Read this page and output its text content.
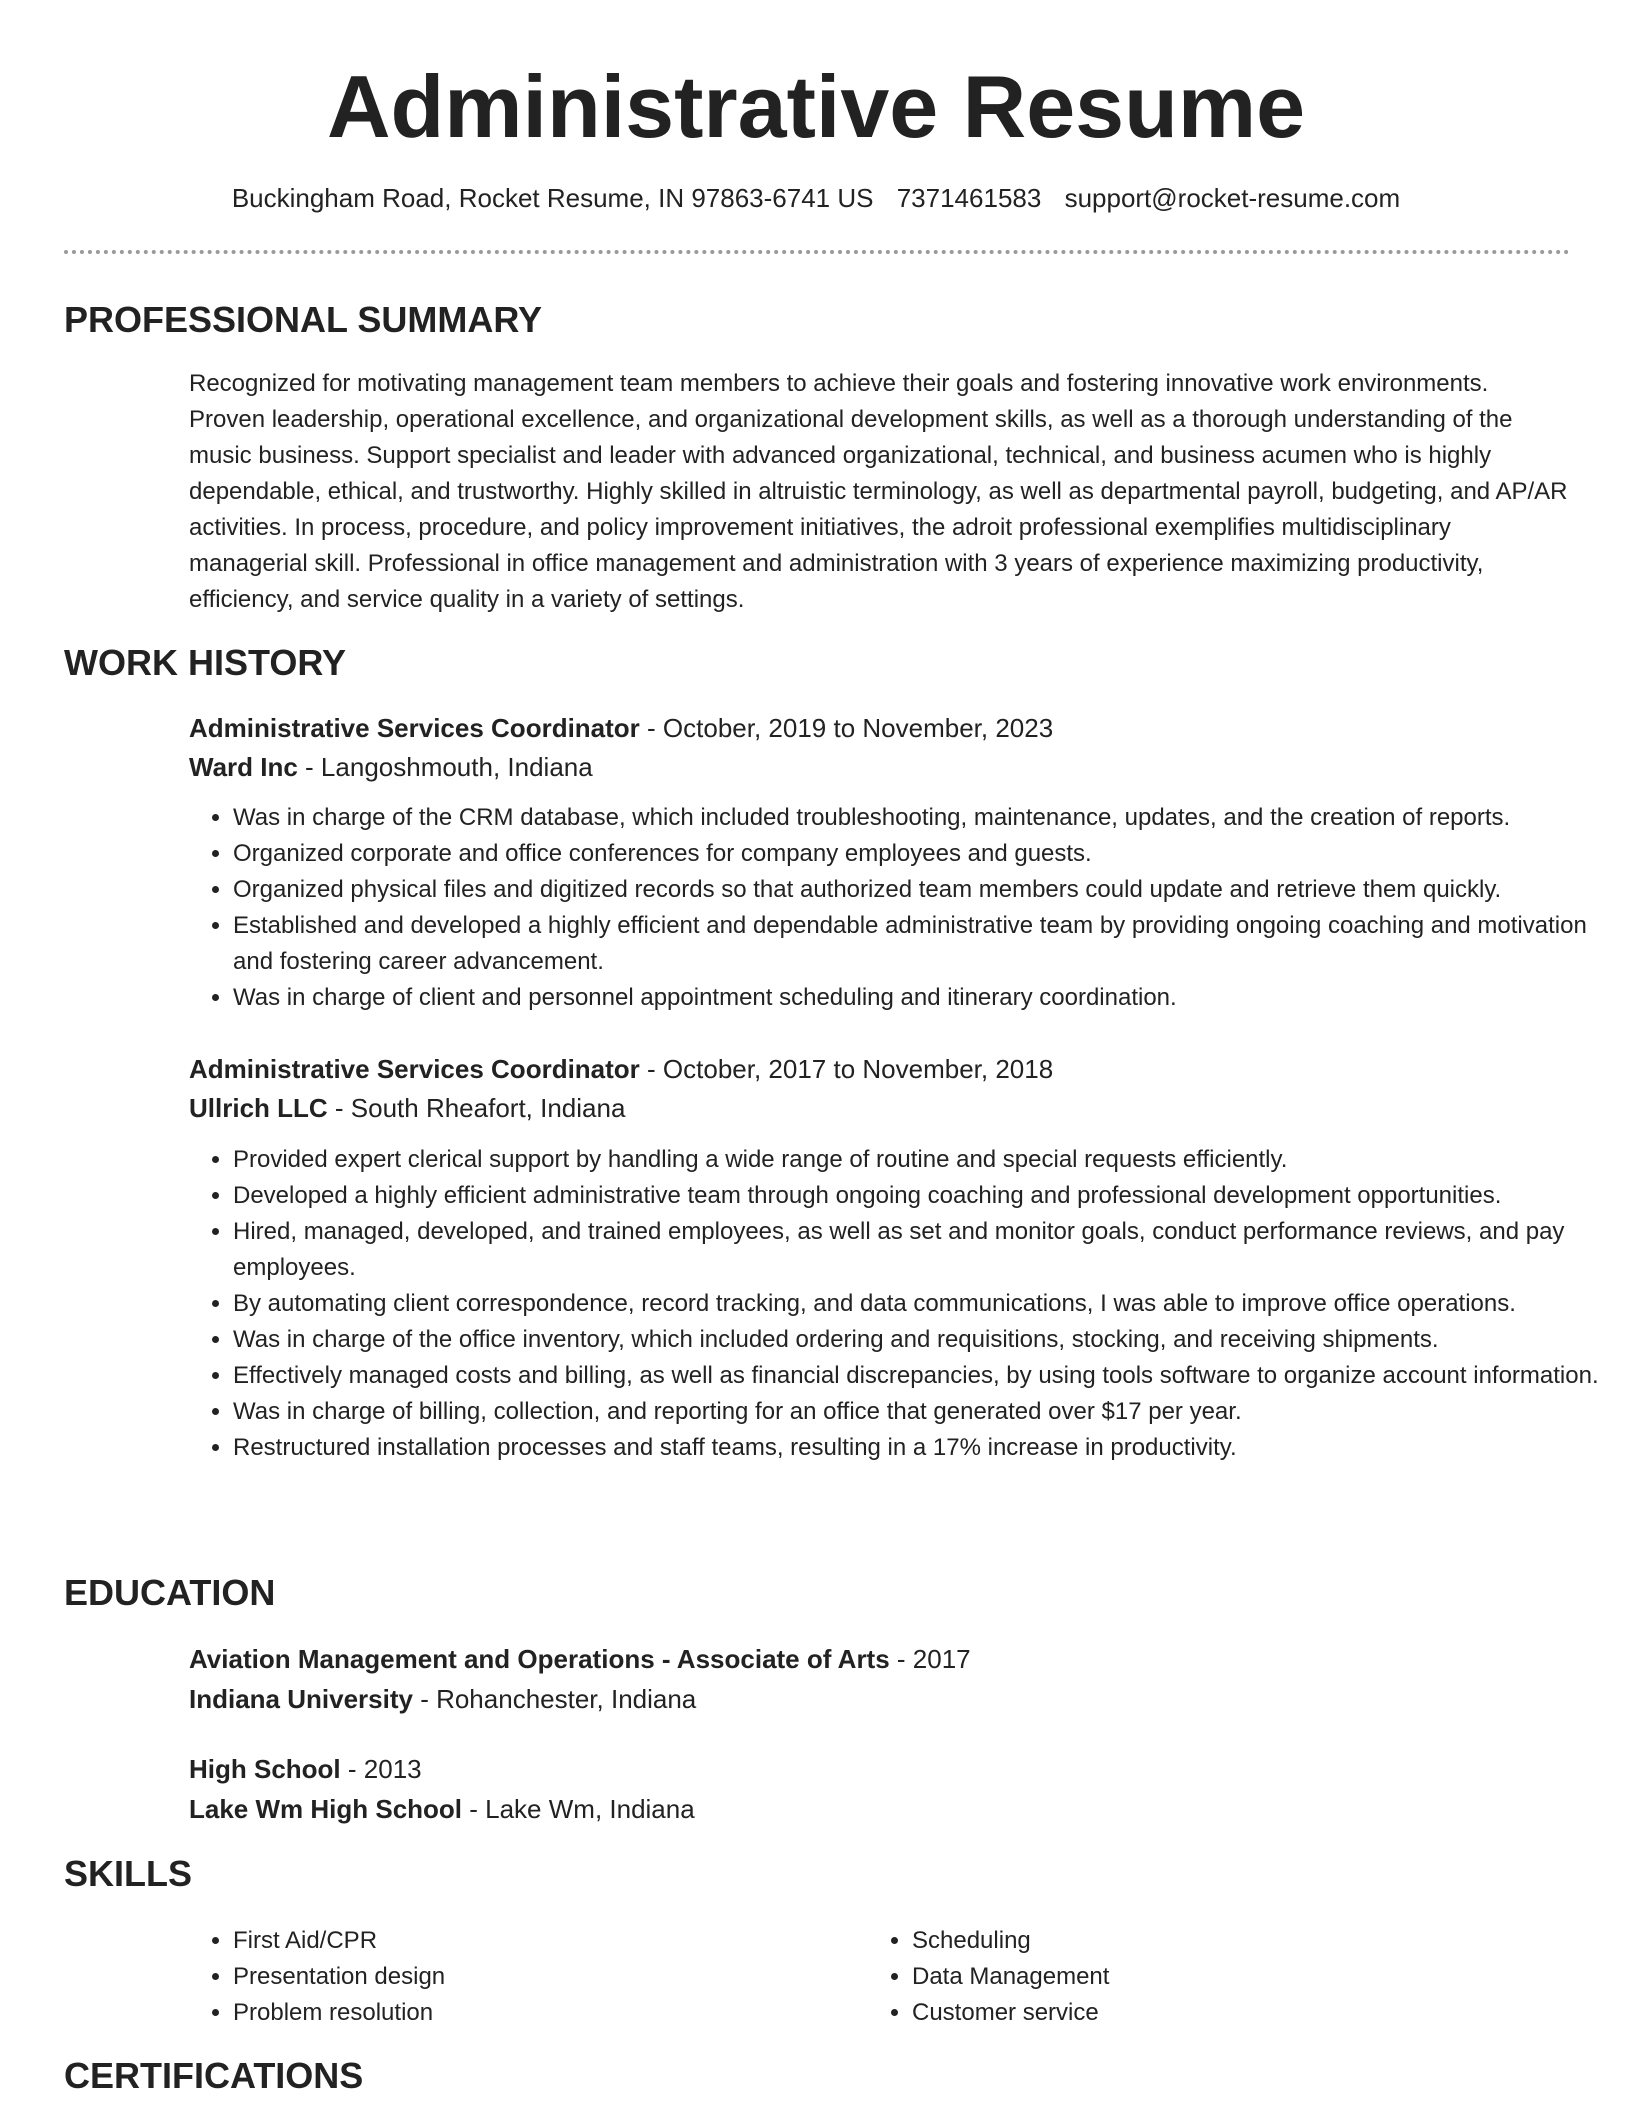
Administrative Resume
Buckingham Road, Rocket Resume, IN 97863-6741 US 7371461583 support@rocket-resume.com
PROFESSIONAL SUMMARY

Recognized for motivating management team members to achieve their goals and fostering innovative work environments. Proven leadership, operational excellence, and organizational development skills, as well as a thorough understanding of the music business. Support specialist and leader with advanced organizational, technical, and business acumen who is highly dependable, ethical, and trustworthy. Highly skilled in altruistic terminology, as well as departmental payroll, budgeting, and AP/AR activities. In process, procedure, and policy improvement initiatives, the adroit professional exemplifies multidisciplinary managerial skill. Professional in office management and administration with 3 years of experience maximizing productivity, efficiency, and service quality in a variety of settings.

WORK HISTORY
Administrative Services Coordinator - October, 2019 to November, 2023
Ward Inc - Langoshmouth, Indiana
• Was in charge of the CRM database, which included troubleshooting, maintenance, updates, and the creation of reports.
• Organized corporate and office conferences for company employees and guests.
• Organized physical files and digitized records so that authorized team members could update and retrieve them quickly.
• Established and developed a highly efficient and dependable administrative team by providing ongoing coaching and motivation and fostering career advancement.
• Was in charge of client and personnel appointment scheduling and itinerary coordination.
Administrative Services Coordinator - October, 2017 to November, 2018
Ullrich LLC - South Rheafort, Indiana
• Provided expert clerical support by handling a wide range of routine and special requests efficiently.
• Developed a highly efficient administrative team through ongoing coaching and professional development opportunities.
• Hired, managed, developed, and trained employees, as well as set and monitor goals, conduct performance reviews, and pay employees.
• By automating client correspondence, record tracking, and data communications, I was able to improve office operations.
• Was in charge of the office inventory, which included ordering and requisitions, stocking, and receiving shipments.
• Effectively managed costs and billing, as well as financial discrepancies, by using tools software to organize account information.
• Was in charge of billing, collection, and reporting for an office that generated over $17 per year.
• Restructured installation processes and staff teams, resulting in a 17% increase in productivity.
EDUCATION
Aviation Management and Operations - Associate of Arts - 2017
Indiana University - Rohanchester, Indiana
High School - 2013
Lake Wm High School - Lake Wm, Indiana
SKILLS
• First Aid/CPR
• Presentation design
• Problem resolution
• Scheduling
• Data Management
• Customer service
CERTIFICATIONS
